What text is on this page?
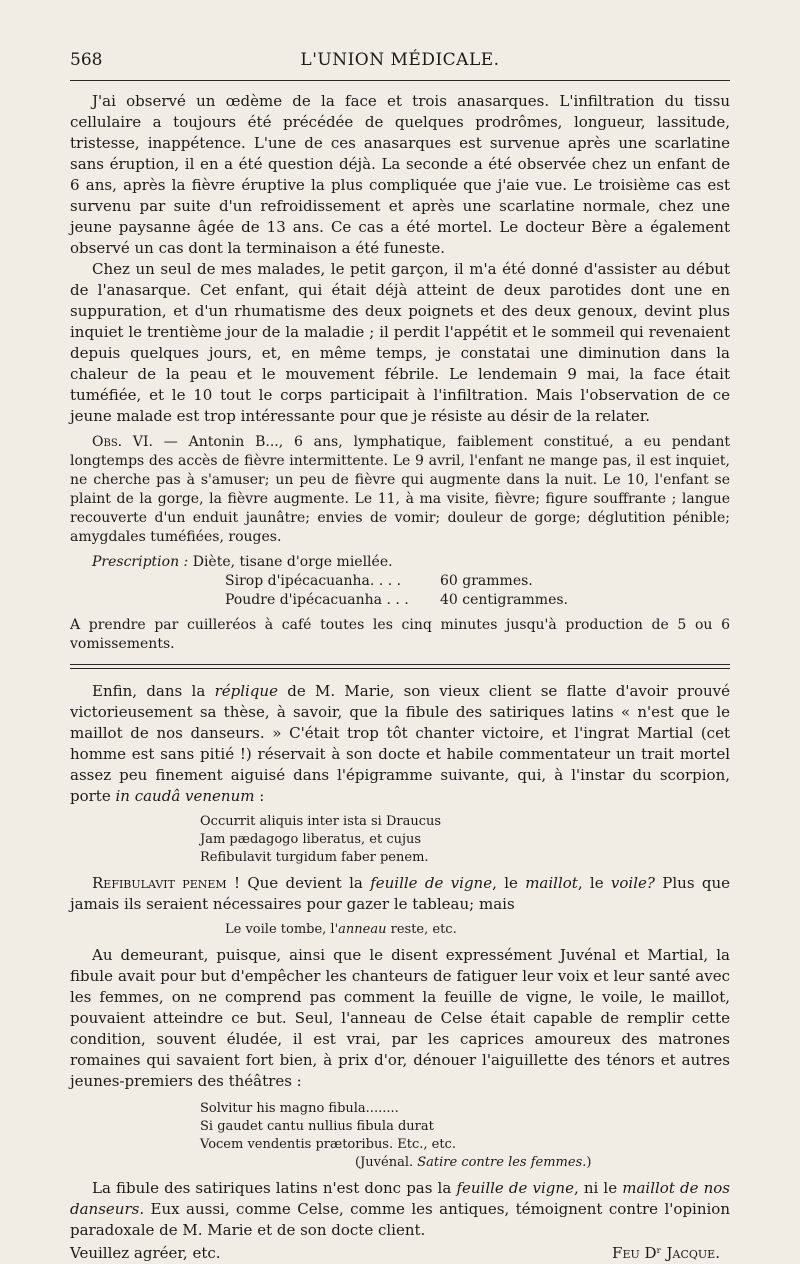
568	L'UNION MÉDICALE.

J'ai observé un œdème de la face et trois anasarques. L'infiltration du tissu cellulaire a toujours été précédée de quelques prodrômes, longueur, lassitude, tristesse, inappétence. L'une de ces anasarques est survenue après une scarlatine sans éruption, il en a été question déjà. La seconde a été observée chez un enfant de 6 ans, après la fièvre éruptive la plus compliquée que j'aie vue. Le troisième cas est survenu par suite d'un refroidissement et après une scarlatine normale, chez une jeune paysanne âgée de 13 ans. Ce cas a été mortel. Le docteur Bère a également observé un cas dont la terminaison a été funeste.

Chez un seul de mes malades, le petit garçon, il m'a été donné d'assister au début de l'anasarque. Cet enfant, qui était déjà atteint de deux parotides dont une en suppuration, et d'un rhumatisme des deux poignets et des deux genoux, devint plus inquiet le trentième jour de la maladie ; il perdit l'appétit et le sommeil qui revenaient depuis quelques jours, et, en même temps, je constatai une diminution dans la chaleur de la peau et le mouvement fébrile. Le lendemain 9 mai, la face était tuméfiée, et le 10 tout le corps participait à l'infiltration. Mais l'observation de ce jeune malade est trop intéressante pour que je résiste au désir de la relater.

Obs. VI. — Antonin B..., 6 ans, lymphatique, faiblement constitué, a eu pendant longtemps des accès de fièvre intermittente. Le 9 avril, l'enfant ne mange pas, il est inquiet, ne cherche pas à s'amuser; un peu de fièvre qui augmente dans la nuit. Le 10, l'enfant se plaint de la gorge, la fièvre augmente. Le 11, à ma visite, fièvre; figure souffrante ; langue recouverte d'un enduit jaunâtre; envies de vomir; douleur de gorge; déglutition pénible; amygdales tuméfiées, rouges.

Prescription : Diète, tisane d'orge miellée.

Sirop d'ipécacuanha. . . .	60 grammes.
Poudre d'ipécacuanha . . .	40 centigrammes.

A prendre par cuilleréos à café toutes les cinq minutes jusqu'à production de 5 ou 6 vomissements.

Enfin, dans la réplique de M. Marie, son vieux client se flatte d'avoir prouvé victorieusement sa thèse, à savoir, que la fibule des satiriques latins « n'est que le maillot de nos danseurs. » C'était trop tôt chanter victoire, et l'ingrat Martial (cet homme est sans pitié !) réservait à son docte et habile commentateur un trait mortel assez peu finement aiguisé dans l'épigramme suivante, qui, à l'instar du scorpion, porte in caudâ venenum :

Occurrit aliquis inter ista si Draucus
Jam pædagogo liberatus, et cujus
Refibulavit turgidum faber penem.

Refibulavit penem ! Que devient la feuille de vigne, le maillot, le voile? Plus que jamais ils seraient nécessaires pour gazer le tableau; mais

Le voile tombe, l'anneau reste, etc.

Au demeurant, puisque, ainsi que le disent expressément Juvénal et Martial, la fibule avait pour but d'empêcher les chanteurs de fatiguer leur voix et leur santé avec les femmes, on ne comprend pas comment la feuille de vigne, le voile, le maillot, pouvaient atteindre ce but. Seul, l'anneau de Celse était capable de remplir cette condition, souvent éludée, il est vrai, par les caprices amoureux des matrones romaines qui savaient fort bien, à prix d'or, dénouer l'aiguillette des ténors et autres jeunes-premiers des théâtres :

Solvitur his magno fibula........
Si gaudet cantu nullius fibula durat
Vocem vendentis prætoribus. Etc., etc.
(Juvénal. Satire contre les femmes.)

La fibule des satiriques latins n'est donc pas la feuille de vigne, ni le maillot de nos danseurs. Eux aussi, comme Celse, comme les antiques, témoignent contre l'opinion paradoxale de M. Marie et de son docte client.

Veuillez agréer, etc.	Feu Dʳ Jacque.
